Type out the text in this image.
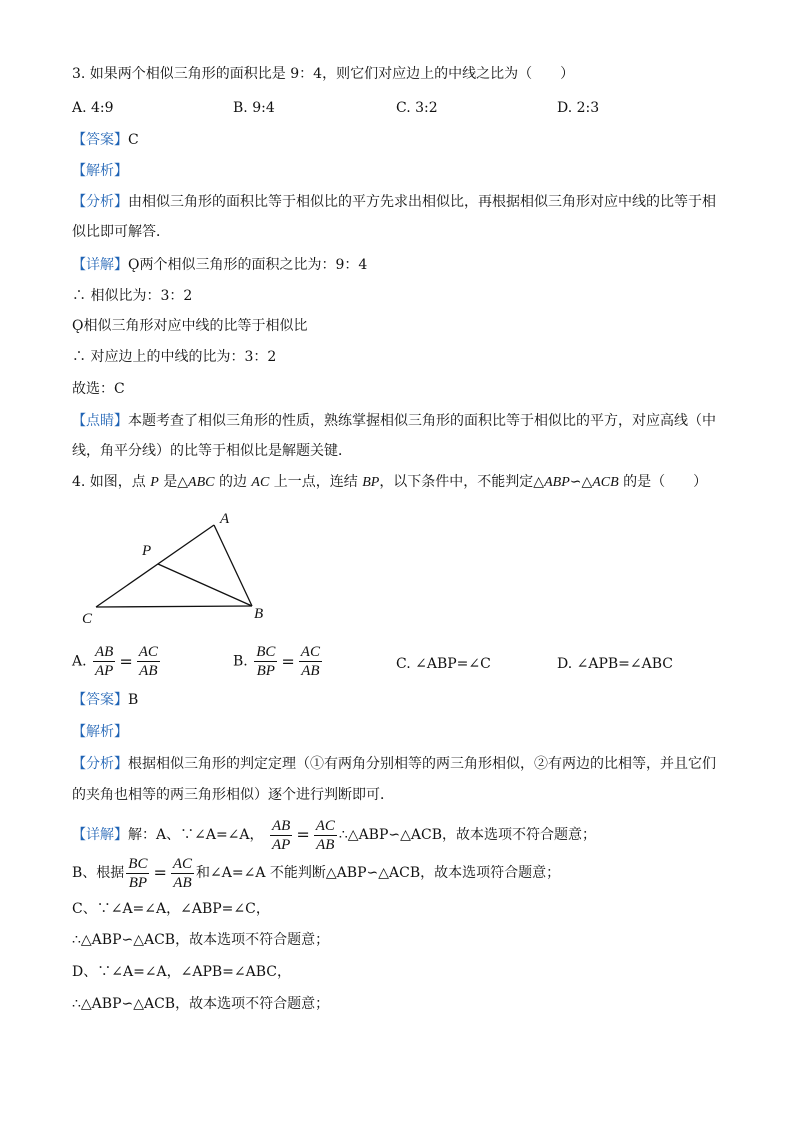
3. 如果两个相似三角形的面积比是 9：4，则它们对应边上的中线之比为（　　）
A. 4:9	B. 9:4	C. 3:2	D. 2:3
【答案】C
【解析】
【分析】由相似三角形的面积比等于相似比的平方先求出相似比，再根据相似三角形对应中线的比等于相
似比即可解答．
【详解】Ǫ两个相似三角形的面积之比为：9：4
∴ 相似比为：3：2
Ǫ相似三角形对应中线的比等于相似比
∴ 对应边上的中线的比为：3：2
故选：C
【点睛】本题考查了相似三角形的性质，熟练掌握相似三角形的面积比等于相似比的平方，对应高线（中
线，角平分线）的比等于相似比是解题关键．
4. 如图，点 P 是△ABC 的边 AC 上一点，连结 BP，以下条件中，不能判定△ABP∽△ACB 的是（　　）
A
P
C	B
A. $\frac{AB}{AP} = \frac{AC}{AB}$	B. $\frac{BC}{BP} = \frac{AC}{AB}$	C. ∠ABP=∠C	D. ∠APB=∠ABC
【答案】B
【解析】
【分析】根据相似三角形的判定定理（①有两角分别相等的两三角形相似，②有两边的比相等，并且它们
的夹角也相等的两三角形相似）逐个进行判断即可．
【详解】解：A、∵∠A=∠A， $\frac{AB}{AP} = \frac{AC}{AB}$ ∴△ABP∽△ACB，故本选项不符合题意；
B、根据 $\frac{BC}{BP} = \frac{AC}{AB}$ 和∠A=∠A 不能判断△ABP∽△ACB，故本选项符合题意；
C、∵∠A=∠A，∠ABP=∠C，
∴△ABP∽△ACB，故本选项不符合题意；
D、∵∠A=∠A，∠APB=∠ABC，
∴△ABP∽△ACB，故本选项不符合题意；
